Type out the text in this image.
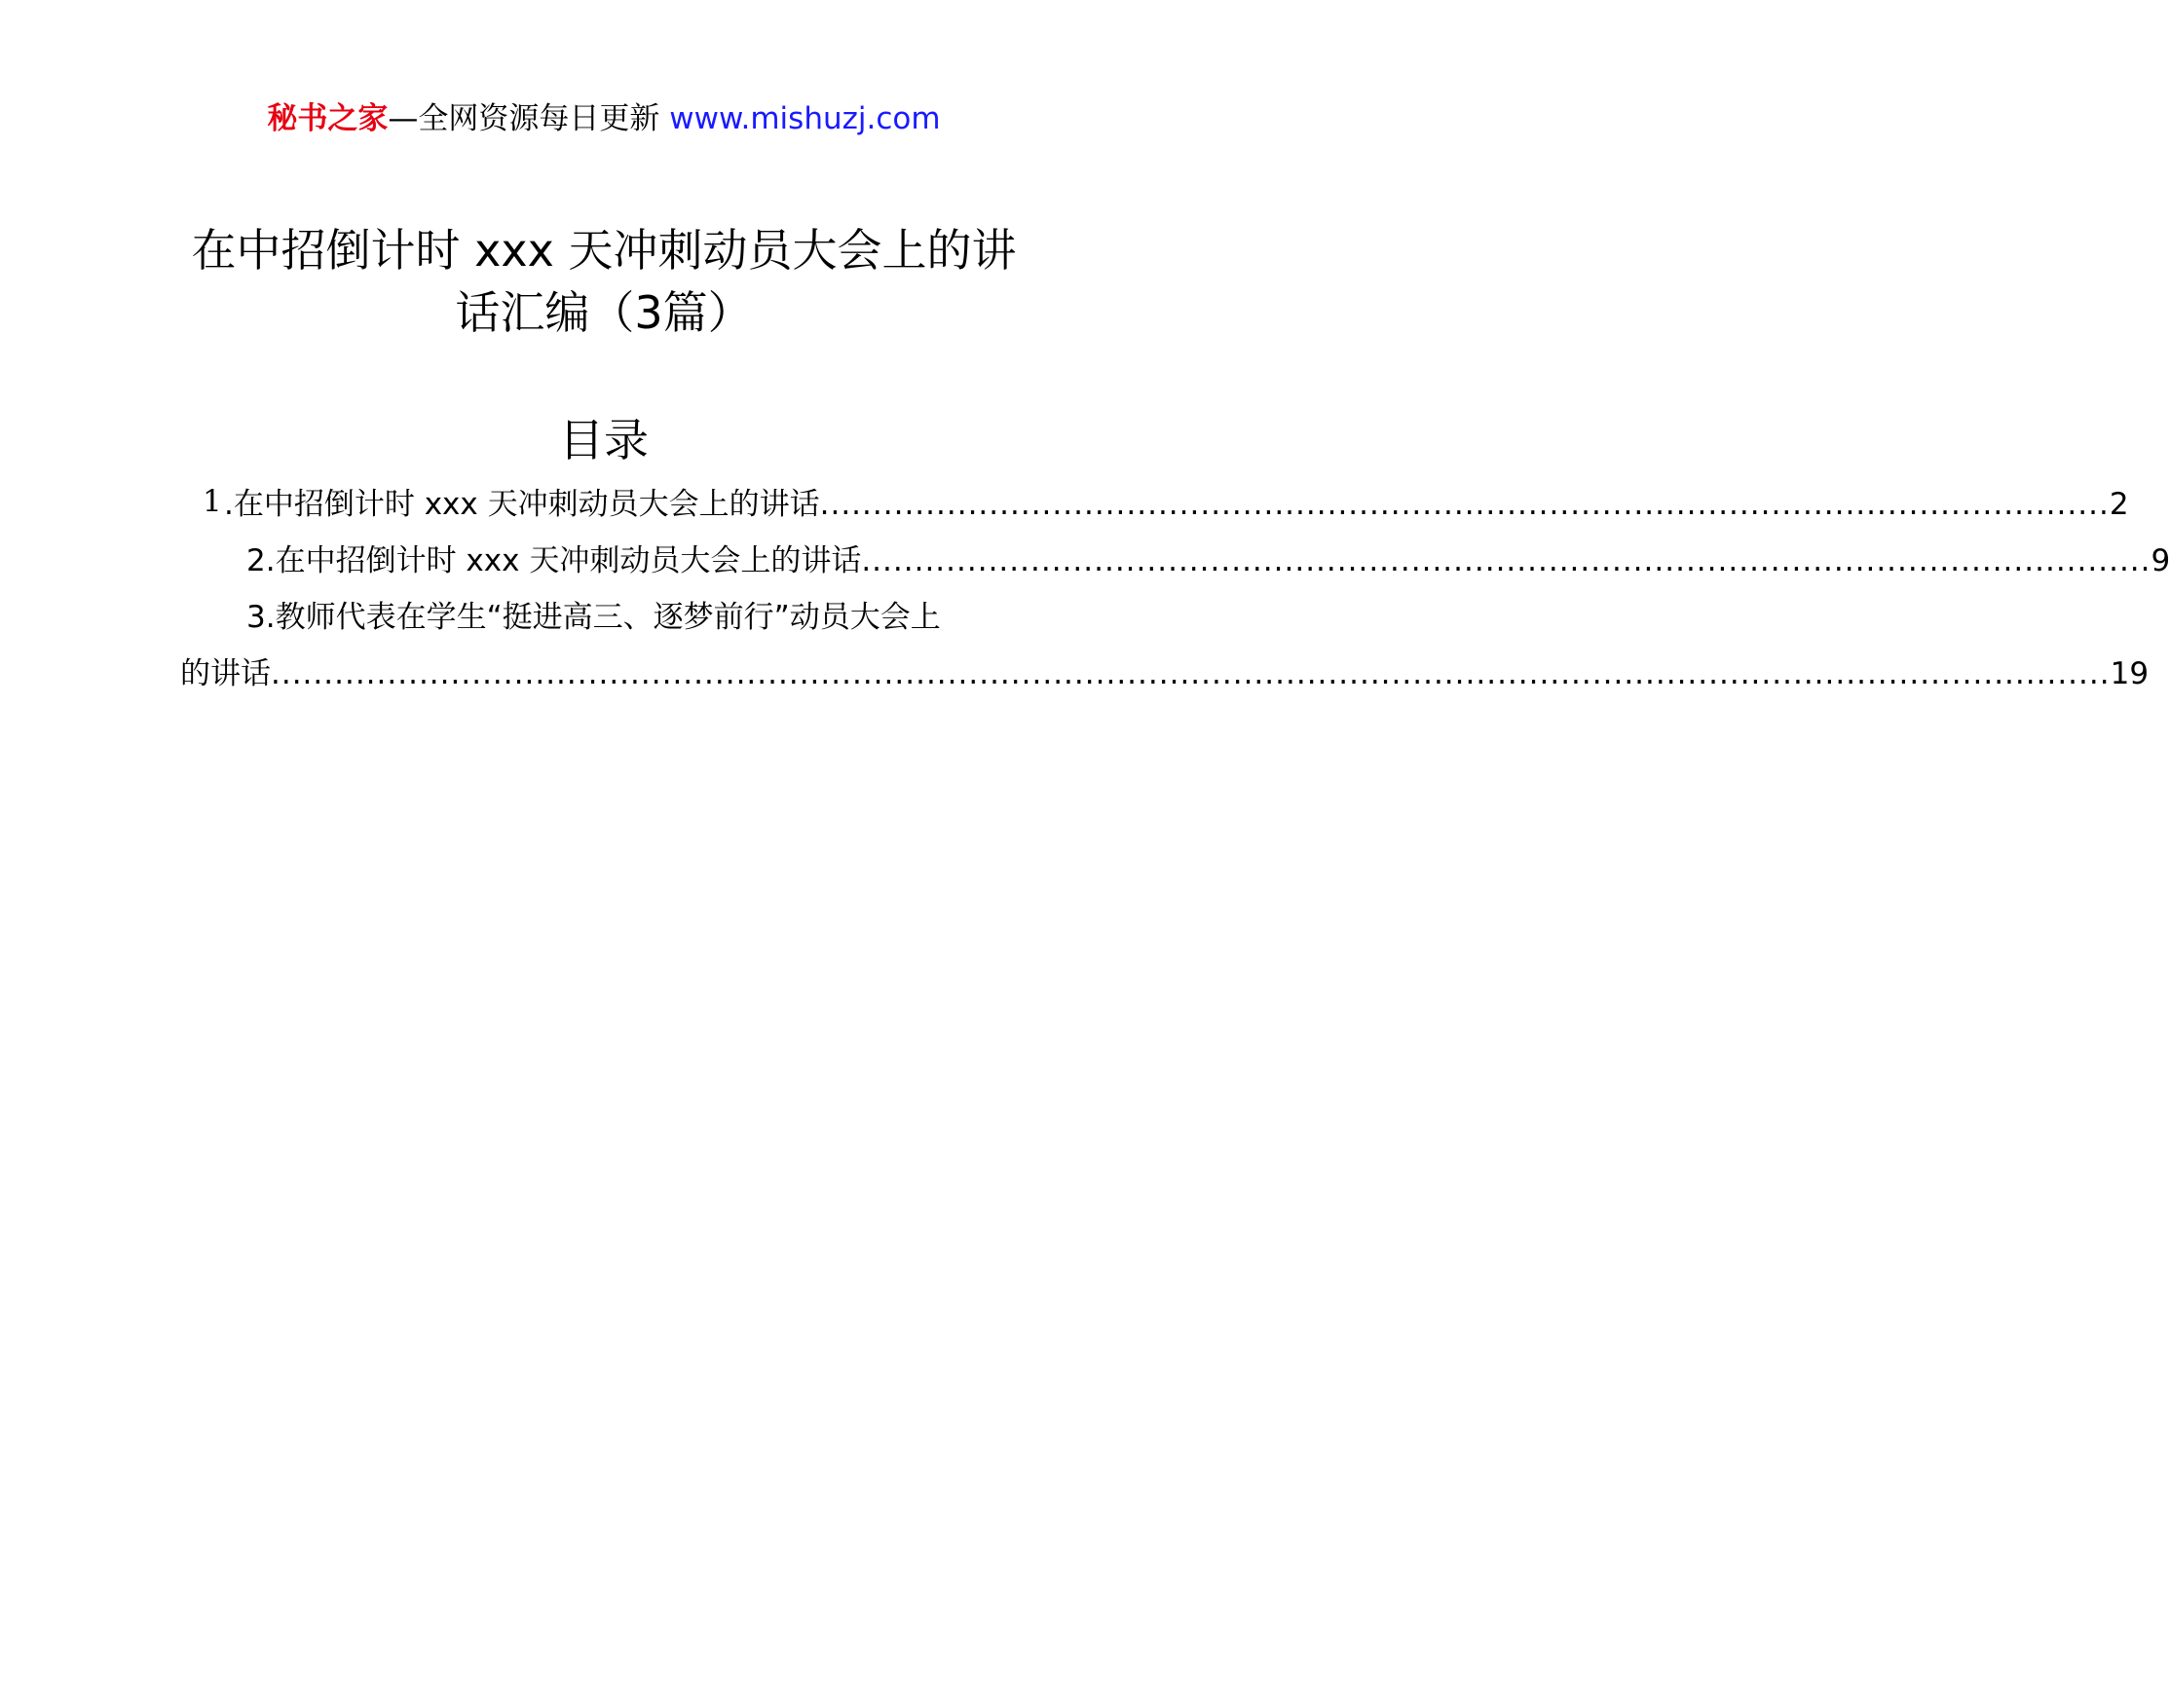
秘书之家—全网资源每日更新 www.mishuzj.com
在中招倒计时 xxx 天冲刺动员大会上的讲
话汇编（3篇）
目录
1 .在中招倒计时 xxx 天冲刺动员大会上的讲话 .......................................................................................................................... 2
2.在中招倒计时 xxx 天冲刺动员大会上的讲话 .......................................................................................................................... 9
3.教师代表在学生“挺进高三、逐梦前行”动员大会上
的讲话 .............................................................................................................................................................................. 19
